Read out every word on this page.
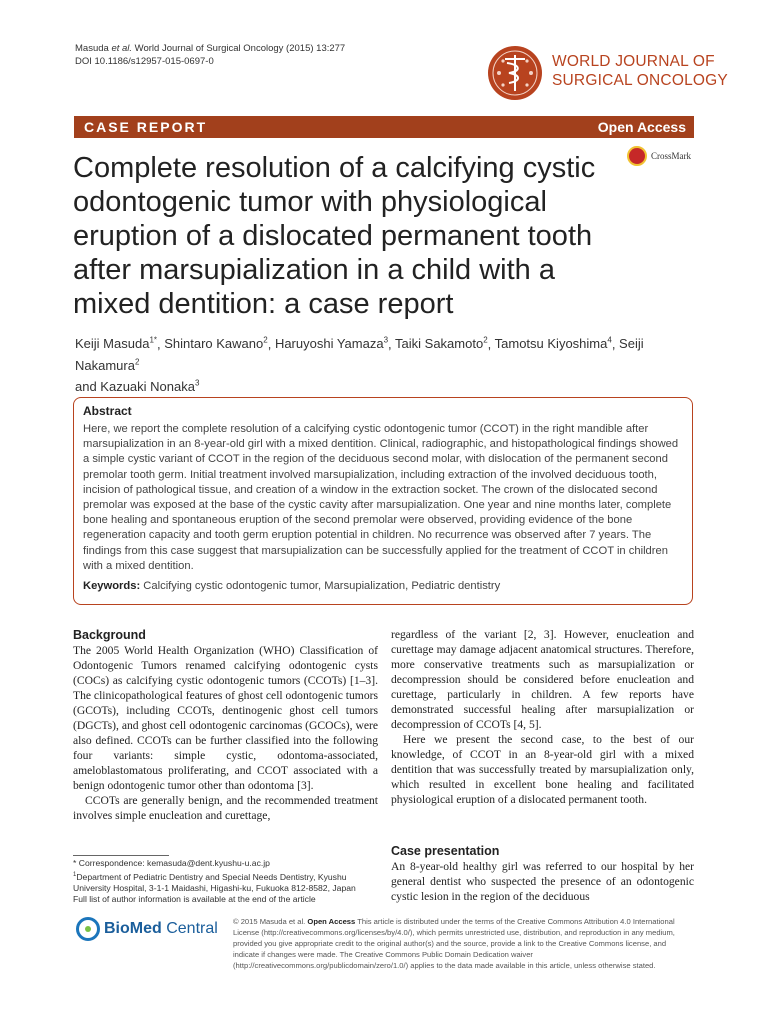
Masuda et al. World Journal of Surgical Oncology (2015) 13:277
DOI 10.1186/s12957-015-0697-0	WORLD JOURNAL OF
SURGICAL ONCOLOGY
CASE REPORT	Open Access
CrossMark
Complete resolution of a calcifying cystic odontogenic tumor with physiological eruption of a dislocated permanent tooth after marsupialization in a child with a mixed dentition: a case report
Keiji Masuda$^{1*}$, Shintaro Kawano$^2$, Haruyoshi Yamaza$^3$, Taiki Sakamoto$^2$, Tamotsu Kiyoshima$^4$, Seiji Nakamura$^2$
and Kazuaki Nonaka$^3$
Abstract

Here, we report the complete resolution of a calcifying cystic odontogenic tumor (CCOT) in the right mandible after marsupialization in an 8-year-old girl with a mixed dentition. Clinical, radiographic, and histopathological findings showed a simple cystic variant of CCOT in the region of the deciduous second molar, with dislocation of the permanent second premolar tooth germ. Initial treatment involved marsupialization, including extraction of the involved deciduous tooth, incision of pathological tissue, and creation of a window in the extraction socket. The crown of the dislocated second premolar was exposed at the base of the cystic cavity after marsupialization. One year and nine months later, complete bone healing and spontaneous eruption of the second premolar were observed, providing evidence of the bone regeneration capacity and tooth germ eruption potential in children. No recurrence was observed after 7 years. The findings from this case suggest that marsupialization can be successfully applied for the treatment of CCOT in children with a mixed dentition.

Keywords: Calcifying cystic odontogenic tumor, Marsupialization, Pediatric dentistry

Background

The 2005 World Health Organization (WHO) Classification of Odontogenic Tumors renamed calcifying odontogenic cysts (COCs) as calcifying cystic odontogenic tumors (CCOTs) [1–3]. The clinicopathological features of ghost cell odontogenic tumors (GCOTs), including CCOTs, dentinogenic ghost cell tumors (DGCTs), and ghost cell odontogenic carcinomas (GCOCs), were also defined. CCOTs can be further classified into the following four variants: simple cystic, odontoma-associated, ameloblastomatous proliferating, and CCOT associated with a benign odontogenic tumor other than odontoma [3].

CCOTs are generally benign, and the recommended treatment involves simple enucleation and curettage,

regardless of the variant [2, 3]. However, enucleation and curettage may damage adjacent anatomical structures. Therefore, more conservative treatments such as marsupialization or decompression should be considered before enucleation and curettage, particularly in children. A few reports have demonstrated successful healing after marsupialization or decompression of CCOTs [4, 5].

Here we present the second case, to the best of our knowledge, of CCOT in an 8-year-old girl with a mixed dentition that was successfully treated by marsupialization only, which resulted in excellent bone healing and facilitated physiological eruption of a dislocated permanent tooth.

Case presentation

An 8-year-old healthy girl was referred to our hospital by her general dentist who suspected the presence of an odontogenic cystic lesion in the region of the deciduous

* Correspondence: kemasuda@dent.kyushu-u.ac.jp
$^1$Department of Pediatric Dentistry and Special Needs Dentistry, Kyushu University Hospital, 3-1-1 Maidashi, Higashi-ku, Fukuoka 812-8582, Japan
Full list of author information is available at the end of the article
BioMed Central © 2015 Masuda et al. Open Access This article is distributed under the terms of the Creative Commons Attribution 4.0 International License (http://creativecommons.org/licenses/by/4.0/), which permits unrestricted use, distribution, and reproduction in any medium, provided you give appropriate credit to the original author(s) and the source, provide a link to the Creative Commons license, and indicate if changes were made. The Creative Commons Public Domain Dedication waiver (http://creativecommons.org/publicdomain/zero/1.0/) applies to the data made available in this article, unless otherwise stated.
